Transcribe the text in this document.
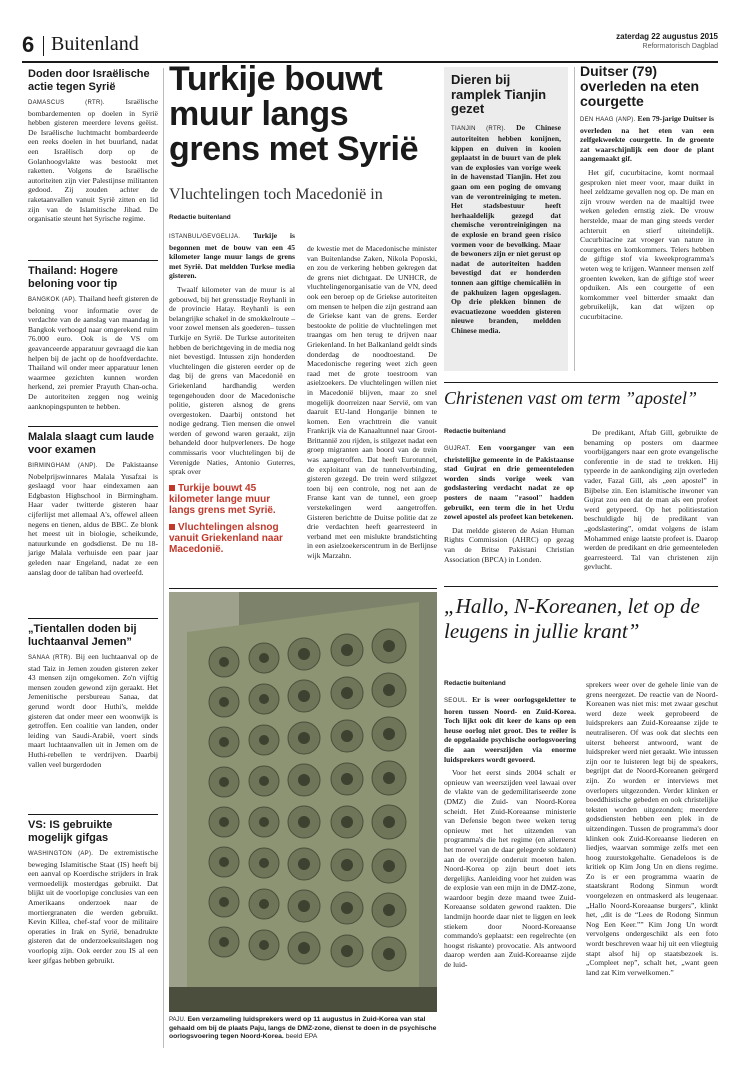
6 Buitenland	zaterdag 22 augustus 2015
Reformatorisch Dagblad
Doden door Israëlische actie tegen Syrië
DAMASCUS (RTR).	Israëlische bombardementen op doelen in Syrië hebben gisteren meerdere levens geëist. De Israëlische luchtmacht bombardeerde een reeks doelen in het buurland, nadat een Israëlisch dorp op de Golanhoogvlakte was bestookt met raketten. Volgens de Israëlische autoriteiten zijn vier Palestijnse militanten gedood. Zij zouden achter de raketaanvallen vanuit Syrië zitten en lid zijn van de Islamitische Jihad. De organisatie steunt het Syrische regime.
Thailand: Hogere beloning voor tip
BANGKOK (AP). Thailand heeft gisteren de beloning voor informatie over de verdachte van de aanslag van maandag in Bangkok verhoogd naar omgerekend ruim 76.000 euro. Ook is de VS om geavanceerde apparatuur gevraagd die kan helpen bij de jacht op de hoofdverdachte. Thailand wil onder meer apparatuur lenen waarmee gezichten kunnen worden herkend, zei premier Prayuth Chan-ocha. De autoriteiten zeggen nog weinig aanknopingspunten te hebben.
Malala slaagt cum laude voor examen
BIRMINGHAM (ANP). De Pakistaanse Nobelprijswinnares Malala Yusafzai is geslaagd voor haar eindexamen aan Edgbaston Highschool in Birmingham. Haar vader twitterde gisteren haar cijferlijst met allemaal A's, offewel alleen negens en tienen, aldus de BBC. Ze blonk het meest uit in biologie, scheikunde, natuurkunde en godsdienst. De nu 18-jarige Malala verhuisde een paar jaar geleden naar Engeland, nadat ze een aanslag door de taliban had overleefd.
„Tientallen doden bij luchtaanval Jemen”
SANAA (RTR). Bij een luchtaanval op de stad Taiz in Jemen zouden gisteren zeker 43 mensen zijn omgekomen. Zo'n vijftig mensen zouden gewond zijn geraakt. Het Jemenitische persbureau Sanaa, dat gerund wordt door Huthi's, meldde gisteren dat onder meer een woonwijk is getroffen. Een coalitie van landen, onder leiding van Saudi-Arabië, voert sinds maart luchtaanvallen uit in Jemen om de Huthi-rebellen te verdrijven. Daarbij vallen veel burgerdoden
VS: IS gebruikte mogelijk gifgas
WASHINGTON (AP). De extremistische beweging Islamitische Staat (IS) heeft bij een aanval op Koerdische strijders in Irak vermoedelijk mosterdgas gebruikt. Dat blijkt uit de voorlopige conclusies van een Amerikaans onderzoek naar de mortiergranaten die werden gebruikt. Kevin Killea, chef-staf voor de militaire operaties in Irak en Syrië, benadrukte gisteren dat de onderzoeksuitslagen nog voorlopig zijn. Ook eerder zou IS al een keer gifgas hebben gebruikt.
Turkije bouwt muur langs grens met Syrië
Vluchtelingen toch Macedonië in
Redactie buitenland
ISTANBUL/GEVGELIJA. Turkije is begonnen met de bouw van een 45 kilometer lange muur langs de grens met Syrië. Dat meldden Turkse media gisteren.
Twaalf kilometer van de muur is al gebouwd, bij het grensstadje Reyhanli in de provincie Hatay. Reyhanli is een belangrijke schakel in de smokkelroute –voor zowel mensen als goederen– tussen Turkije en Syrië. De Turkse autoriteiten hebben de berichtgeving in de media nog niet bevestigd. Intussen zijn honderden vluchtelingen die gisteren eerder op de dag bij de grens van Macedonië en Griekenland hardhandig werden tegengehouden door de Macedonische politie, gisteren alsnog de grens overgestoken. Daarbij ontstond het nodige gedrang. Tien mensen die onwel werden of gewond waren geraakt, zijn behandeld door hulpverleners. De hoge commissaris voor vluchtelingen bij de Verenigde Naties, Antonio Guterres, sprak over
Turkije bouwt 45 kilometer lange muur langs grens met Syrië.
Vluchtelingen alsnog vanuit Griekenland naar Macedonië.
de kwestie met de Macedonische minister van Buitenlandse Zaken, Nikola Poposki, en zou de verkering hebben gekregen dat de grens niet dichtgaat. De UNHCR, de vluchtelingenorganisatie van de VN, deed ook een beroep op de Griekse autoriteiten om mensen te helpen die zijn gestrand aan de Griekse kant van de grens. Eerder bestookte de politie de vluchtelingen met traangas om hen terug te drijven naar Griekenland. In het Balkanland geldt sinds donderdag de noodtoestand. De Macedonische regering weet zich geen raad met de grote toestroom van asielzoekers. De vluchtelingen willen niet in Macedonië blijven, maar zo snel mogelijk doorreizen naar Servië, om van daaruit EU-land Hongarije binnen te komen. Een vrachttrein die vanuit Frankrijk via de Kanaaltunnel naar Groot-Brittannië zou rijden, is stilgezet nadat een groep migranten aan boord van de trein was aangetroffen. Dat heeft Eurotunnel, de exploitant van de tunnelverbinding, gisteren gezegd. De trein werd stilgezet toen bij een controle, nog net aan de Franse kant van de tunnel, een groep verstekelingen werd aangetroffen. Gisteren berichtte de Duitse politie dat ze drie verdachten heeft gearresteerd in verband met een mislukte brandstichting in een asielzoekerscentrum in de Berlijnse wijk Marzahn.
Dieren bij ramplek Tianjin gezet
TIANJIN (RTR). De Chinese autoriteiten hebben konijnen, kippen en duiven in kooien geplaatst in de buurt van de plek van de explosies van vorige week in de havenstad Tianjin. Het zou gaan om een poging de omvang van de verontreiniging te meten. Het stadsbestuur heeft herhaaldelijk gezegd dat chemische verontreinigingen na de explosie en brand geen risico vormen voor de bevolking. Maar de bewoners zijn er niet gerust op nadat de autoriteiten hadden bevestigd dat er honderden tonnen aan giftige chemicaliën in de pakhuizen lagen opgeslagen. Op drie plekken binnen de evacuatiezone woedden gisteren nieuwe branden, meldden Chinese media.
Duitser (79) overleden na eten courgette
DEN HAAG (ANP). Een 79-jarige Duitser is overleden na het eten van een zelfgekweekte courgette. In de groente zat waarschijnlijk een door de plant aangemaakt gif.
Het gif, cucurbitacine, komt normaal gesproken niet meer voor, maar duikt in heel zeldzame gevallen nog op. De man en zijn vrouw werden na de maaltijd twee weken geleden ernstig ziek. De vrouw herstelde, maar de man ging steeds verder achteruit en stierf uiteindelijk. Cucurbitacine zat vroeger van nature in courgettes en komkommers. Telers hebben de giftige stof via kweekprogramma's weten weg te krijgen. Wanneer mensen zelf groenten kweken, kan de giftige stof weer opduiken. Als een courgette of een komkommer veel bitterder smaakt dan gebruikelijk, kan dat wijzen op cucurbitacine.
Christenen vast om term ”apostel”
Redactie buitenland
GUJRAT. Een voorganger van een christelijke gemeente in de Pakistaanse stad Gujrat en drie gemeenteleden worden sinds vorige week van godslastering verdacht nadat ze op posters de naam "rasool" hadden gebruikt, een term die in het Urdu zowel apostel als profeet kan betekenen.
Dat meldde gisteren de Asian Human Rights Commission (AHRC) op gezag van de Britse Pakistani Christian Association (BPCA) in Londen.
De predikant, Aftab Gill, gebruikte de benaming op posters om daarmee voorbijgangers naar een grote evangelische conferentie in de stad te trekken. Hij typeerde in de aankondiging zijn overleden vader, Fazal Gill, als „een apostel” in Bijbelse zin. Een islamitische inwoner van Gujrat zou een dat de man als een profeet werd getypeerd. Op het politiestation beschuldigde hij de predikant van „godslastering”, omdat volgens de islam Mohammed enige laatste profeet is. Daarop werden de predikant en drie gemeenteleden gearresteerd. Tal van christenen zijn gevlucht.
PAJU. Een verzameling luidsprekers werd op 11 augustus in Zuid-Korea van stal gehaald om bij de plaats Paju, langs de DMZ-zone, dienst te doen in de psychische oorlogsvoering tegen Noord-Korea. beeld EPA
„Hallo, N-Koreanen, let op de leugens in jullie krant”
Redactie buitenland
SEOUL. Er is weer oorlogsgekletter te horen tussen Noord- en Zuid-Korea. Toch lijkt ook dit keer de kans op een heuse oorlog niet groot. Des te reëler is de opgelaaide psychische oorlogsvoering die aan weerszijden via enorme luidsprekers wordt gevoerd.
Voor het eerst sinds 2004 schalt er opnieuw van weerszijden veel lawaai over de vlakte van de gedemilitariseerde zone (DMZ) die Zuid- van Noord-Korea scheidt. Het Zuid-Koreaanse ministerie van Defensie begon twee weken terug opnieuw met het uitzenden van programma's die het regime (en allereerst het moreel van de daar gelegerde soldaten) aan de overzijde onderuit moeten halen. Noord-Korea op zijn beurt doet iets dergelijks. Aanleiding voor het zuiden was de explosie van een mijn in de DMZ-zone, waardoor begin deze maand twee Zuid-Koreaanse soldaten gewond raakten. Die landmijn hoorde daar niet te liggen en leek stiekem door Noord-Koreaanse commando's geplaatst: een regelrechte (en hoogst riskante) provocatie. Als antwoord daarop werden aan Zuid-Koreaanse zijde de luid-
sprekers weer over de gehele linie van de grens neergezet. De reactie van de Noord-Koreanen was niet mis: met zwaar geschut werd deze week geprobeerd de luidsprekers aan Zuid-Koreaanse zijde te neutraliseren. Of was ook dat slechts een uiterst beheerst antwoord, want de luidspreker werd niet geraakt. Wie intussen zijn oor te luisteren legt bij de speakers, begrijpt dat de Noord-Koreanen geërgerd zijn. Zo worden er interviews met overlopers uitgezonden. Verder klinken er boeddhistische gebeden en ook christelijke teksten worden uitgezonden; meerdere godsdiensten hebben een plek in de uitzendingen. Tussen de programma's door klinken ook Zuid-Koreaanse liederen en liedjes, waarvan sommige zelfs met een hoog zuurstokgehalte. Genadeloos is de kritiek op Kim Jong Un en diens regime. Zo is er een programma waarin de staatskrant Rodong Sinmun wordt voorgelezen en ontmaskerd als leugenaar. „Hallo Noord-Koreaanse burgers”, klinkt het, „dit is de “Lees de Rodong Sinmun Nog Een Keer.”” Kim Jong Un wordt vervolgens ondergeschikt als een foto wordt beschreven waar hij uit een vliegtuig stapt alsof hij op staatsbezoek is. „Compleet nep”, schalt het, „want geen land zat Kim verwelkomen.”
